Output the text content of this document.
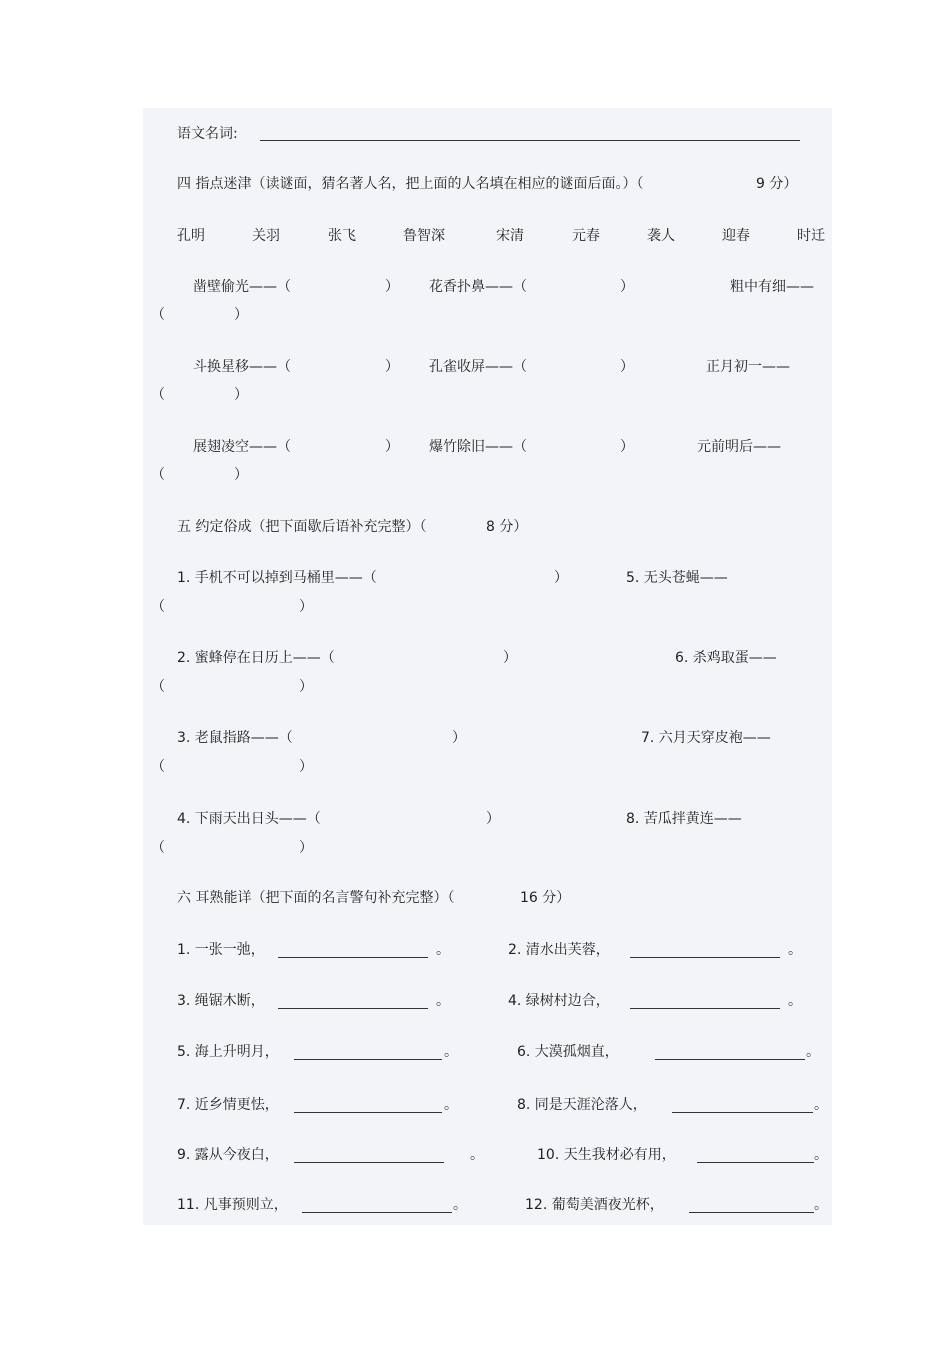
语文名词:
四 指点迷津（读谜面，猜名著人名，把上面的人名填在相应的谜面后面。）（	9 分）
孔明	关羽	张飞	鲁智深	宋清	元春	袭人	迎春	时迁
凿壁偷光——（	） 花香扑鼻——（	）	粗中有细——
（	）
斗换星移——（	） 孔雀收屏——（	）	正月初一——
（	）
展翅凌空——（	） 爆竹除旧——（	）	元前明后——
（	）
五 约定俗成（把下面歇后语补充完整）（	8 分）
1. 手机不可以掉到马桶里——（	）	5. 无头苍蝇——
（	）
2. 蜜蜂停在日历上——（	）	6. 杀鸡取蛋——
（	）
3. 老鼠指路——（	）	7. 六月天穿皮袍——
（	）
4. 下雨天出日头——（	）	8. 苦瓜拌黄连——
（	）
六 耳熟能详（把下面的名言警句补充完整）（	16 分）
1. 一张一弛，	。	2. 清水出芙蓉，	。
3. 绳锯木断，	。	4. 绿树村边合，	。
5. 海上升明月，	。	6. 大漠孤烟直，	。
7. 近乡情更怯，	。	8. 同是天涯沦落人，	。
9. 露从今夜白，	。	10. 天生我材必有用，	。
11. 凡事预则立，	。	12. 葡萄美酒夜光杯，	。
